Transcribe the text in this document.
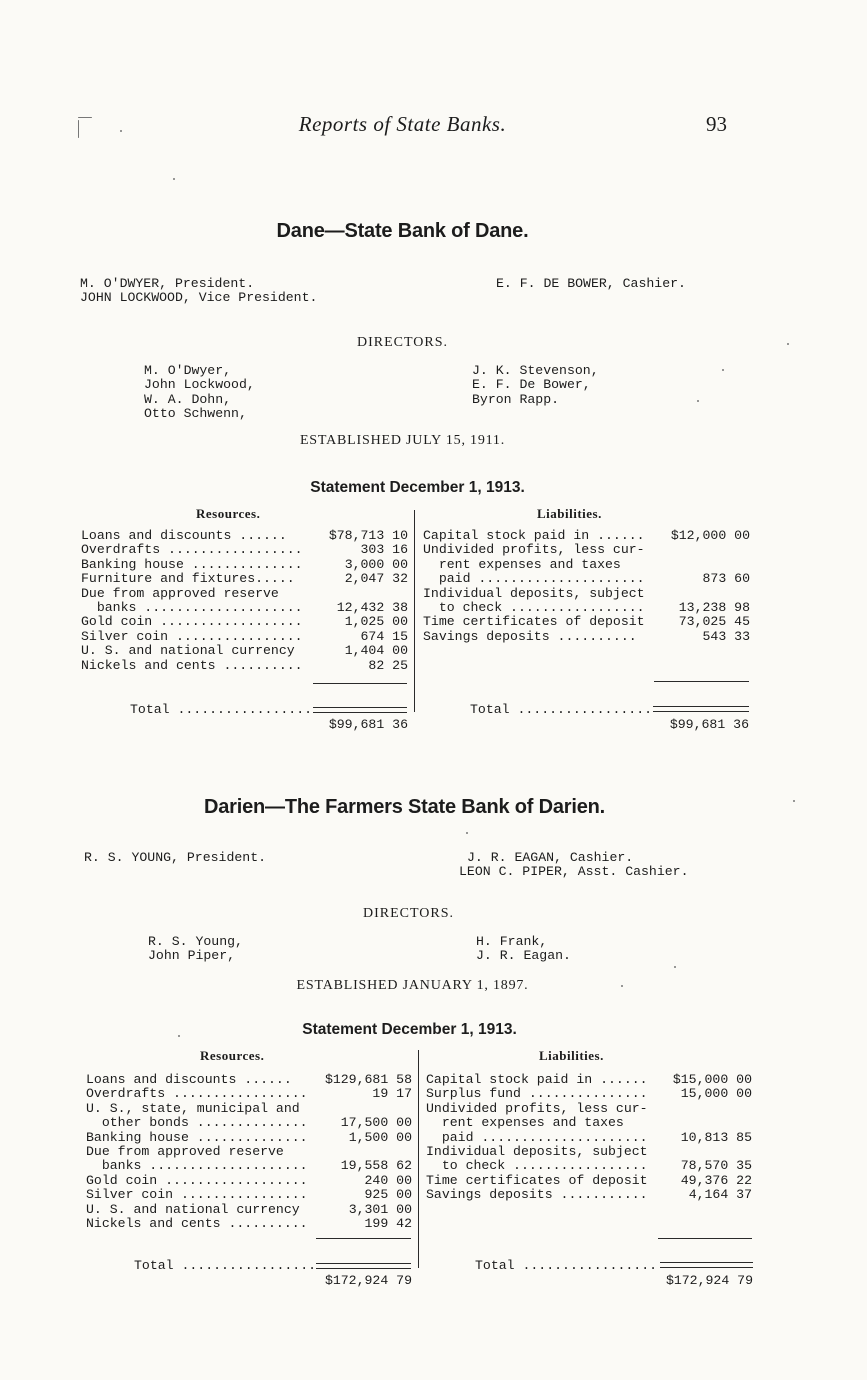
Reports of State Banks.	93
Dane—State Bank of Dane.
M. O'DWYER, President.
JOHN LOCKWOOD, Vice President.
E. F. DE BOWER, Cashier.
DIRECTORS.
M. O'Dwyer,
John Lockwood,
W. A. Dohn,
Otto Schwenn,
J. K. Stevenson,
E. F. De Bower,
Byron Rapp.
ESTABLISHED JULY 15, 1911.
Statement December 1, 1913.
Resources.	Liabilities.
Loans and discounts ......	$78,713 10
Overdrafts .................	303 16
Banking house ..............	3,000 00
Furniture and fixtures.....	2,047 32
Due from approved reserve
banks ....................	12,432 38
Gold coin ..................	1,025 00
Silver coin ................	674 15
U. S. and national currency	1,404 00
Nickels and cents ..........	82 25
Capital stock paid in ...... $12,000 00
Undivided profits, less cur-
rent expenses and taxes
paid .....................	873 60
Individual deposits, subject
to check .................	13,238 98
Time certificates of deposit	73,025 45
Savings deposits ..........	543 33

Total .................

$99,681 36

Total .................

$99,681 36

Darien—The Farmers State Bank of Darien.
R. S. YOUNG, President.	J. R. EAGAN, Cashier.
LEON C. PIPER, Asst. Cashier.
DIRECTORS.
R. S. Young,
John Piper,
H. Frank,
J. R. Eagan.
ESTABLISHED JANUARY 1, 1897.
Statement December 1, 1913.
Resources.	Liabilities.
Loans and discounts ......	$129,681 58
Overdrafts .................	19 17
U. S., state, municipal and
other bonds ..............	17,500 00
Banking house ..............	1,500 00
Due from approved reserve
banks ....................	19,558 62
Gold coin ..................	240 00
Silver coin ................	925 00
U. S. and national currency	3,301 00
Nickels and cents ..........	199 42
Capital stock paid in ...... $15,000 00
Surplus fund ...............	15,000 00
Undivided profits, less cur-
rent expenses and taxes
paid .....................	10,813 85
Individual deposits, subject
to check .................	78,570 35
Time certificates of deposit	49,376 22
Savings deposits ...........	4,164 37

Total .................

$172,924 79

Total .................

$172,924 79
